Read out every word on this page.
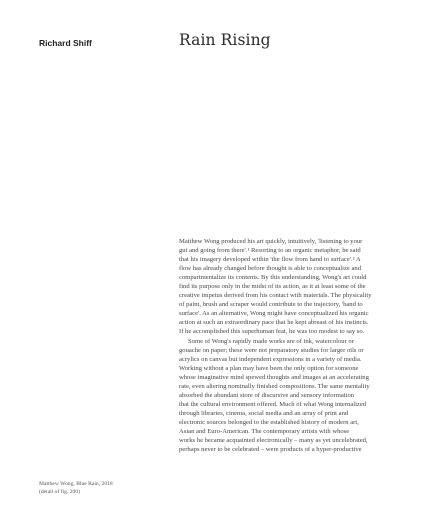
Richard Shiff	Rain Rising
Matthew Wong produced his art quickly, intuitively, 'listening to your
gut and going from there'.¹ Resorting to an organic metaphor, he said
that his imagery developed within 'the flow from hand to surface'.² A
flow has already changed before thought is able to conceptualize and
compartmentalize its contents. By this understanding, Wong's art could
find its purpose only in the midst of its action, as it at least some of the
creative impetus derived from his contact with materials. The physicality
of paint, brush and scraper would contribute to the trajectory, 'hand to
surface'. As an alternative, Wong might have conceptualized his organic
action at such an extraordinary pace that he kept abreast of his instincts.
If he accomplished this superhuman feat, he was too modest to say so.
Some of Wong's rapidly made works are of ink, watercolour or
gouache on paper; these were not preparatory studies for larger oils or
acrylics on canvas but independent expressions in a variety of media.
Working without a plan may have been the only option for someone
whose imaginative mind spewed thoughts and images at an accelerating
rate, even altering nominally finished compositions. The same mentality
absorbed the abundant store of discursive and sensory information
that the cultural environment offered. Much of what Wong internalized
through libraries, cinema, social media and an array of print and
electronic sources belonged to the established history of modern art,
Asian and Euro-American. The contemporary artists with whose
works he became acquainted electronically – many as yet uncelebrated,
perhaps never to be celebrated – were products of a hyper-productive
Matthew Wong, Blue Rain, 2018
(detail of fig. 200)
